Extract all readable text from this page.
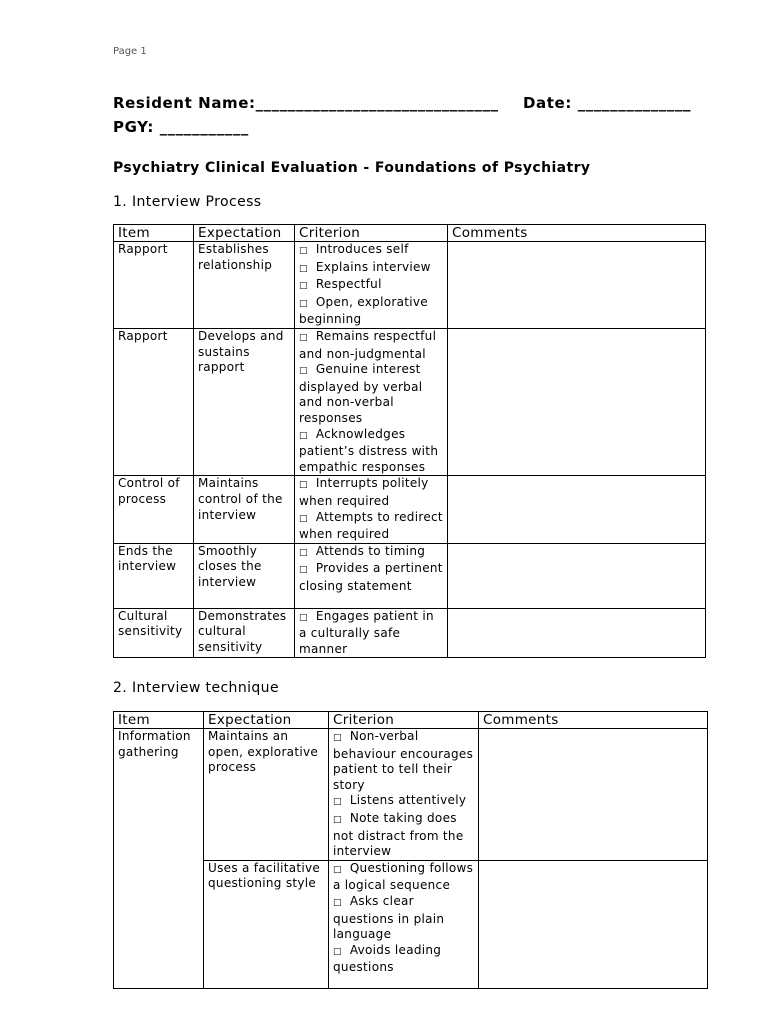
Page 1
Resident Name:______________________________ Date: ______________
PGY: ___________
Psychiatry Clinical Evaluation - Foundations of Psychiatry
1. Interview Process
Item	Expectation	Criterion	Comments
Rapport	Establishes relationship	□ Introduces self
□ Explains interview
□ Respectful
□ Open, explorative beginning	

Rapport	Develops and sustains rapport	□ Remains respectful and non-judgmental
□ Genuine interest displayed by verbal and non-verbal responses
□ Acknowledges patient’s distress with empathic responses	

Control of process	Maintains control of the interview	□ Interrupts politely when required
□ Attempts to redirect when required	

Ends the interview	Smoothly closes the interview	□ Attends to timing
□ Provides a pertinent closing statement	

Cultural sensitivity	Demonstrates cultural sensitivity	□ Engages patient in a culturally safe manner	

2. Interview technique
Item	Expectation	Criterion	Comments
Information gathering	Maintains an open, explorative process	□ Non-verbal behaviour encourages patient to tell their story
□ Listens attentively
□ Note taking does not distract from the interview	

	Uses a facilitative questioning style	□ Questioning follows a logical sequence
□ Asks clear questions in plain language
□ Avoids leading questions	
